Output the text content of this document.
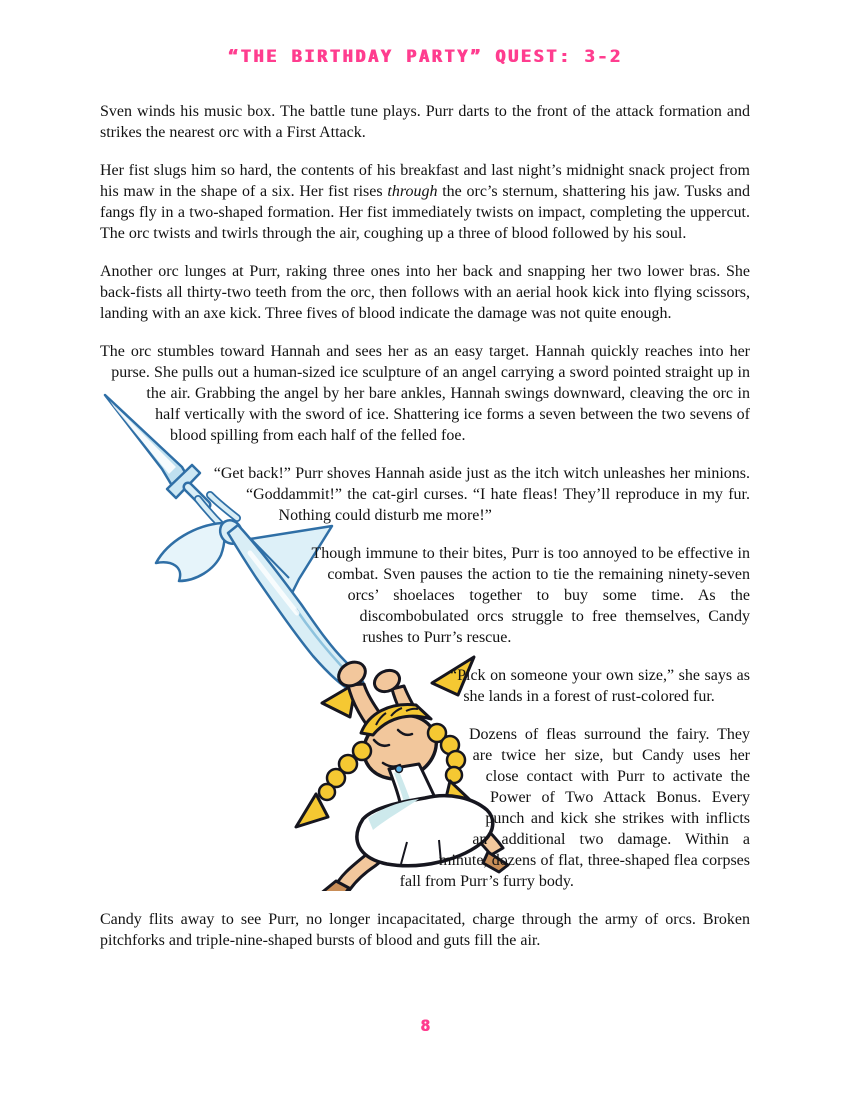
“THE BIRTHDAY PARTY” QUEST: 3-2

Sven winds his music box. The battle tune plays. Purr darts to the front of the attack formation and strikes the nearest orc with a First Attack.

Her fist slugs him so hard, the contents of his breakfast and last night’s midnight snack project from his maw in the shape of a six. Her fist rises through the orc’s sternum, shattering his jaw. Tusks and fangs fly in a two-shaped formation. Her fist immediately twists on impact, completing the uppercut. The orc twists and twirls through the air, coughing up a three of blood followed by his soul.

Another orc lunges at Purr, raking three ones into her back and snapping her two lower bras. She back-fists all thirty-two teeth from the orc, then follows with an aerial hook kick into flying scissors, landing with an axe kick. Three fives of blood indicate the damage was not quite enough.

The orc stumbles toward Hannah and sees her as an easy target. Hannah quickly reaches into her purse. She pulls out a human-sized ice sculpture of an angel carrying a sword pointed straight up in the air. Grabbing the angel by her bare ankles, Hannah swings downward, cleaving the orc in half vertically with the sword of ice. Shattering ice forms a seven between the two sevens of blood spilling from each half of the felled foe.

“Get back!” Purr shoves Hannah aside just as the itch witch unleashes her minions. “Goddammit!” the cat-girl curses. “I hate fleas! They’ll reproduce in my fur. Nothing could disturb me more!”

Though immune to their bites, Purr is too annoyed to be effective in combat. Sven pauses the action to tie the remaining ninety-seven orcs’ shoelaces together to buy some time. As the discombobulated orcs struggle to free themselves, Candy rushes to Purr’s rescue.

“Pick on someone your own size,” she says as she lands in a forest of rust-colored fur.

Dozens of fleas surround the fairy. They are twice her size, but Candy uses her close contact with Purr to activate the Power of Two Attack Bonus. Every punch and kick she strikes with inflicts an additional two damage. Within a minute, dozens of flat, three-shaped flea corpses fall from Purr’s furry body.

Candy flits away to see Purr, no longer incapacitated, charge through the army of orcs. Broken pitchforks and triple-nine-shaped bursts of blood and guts fill the air.

8
